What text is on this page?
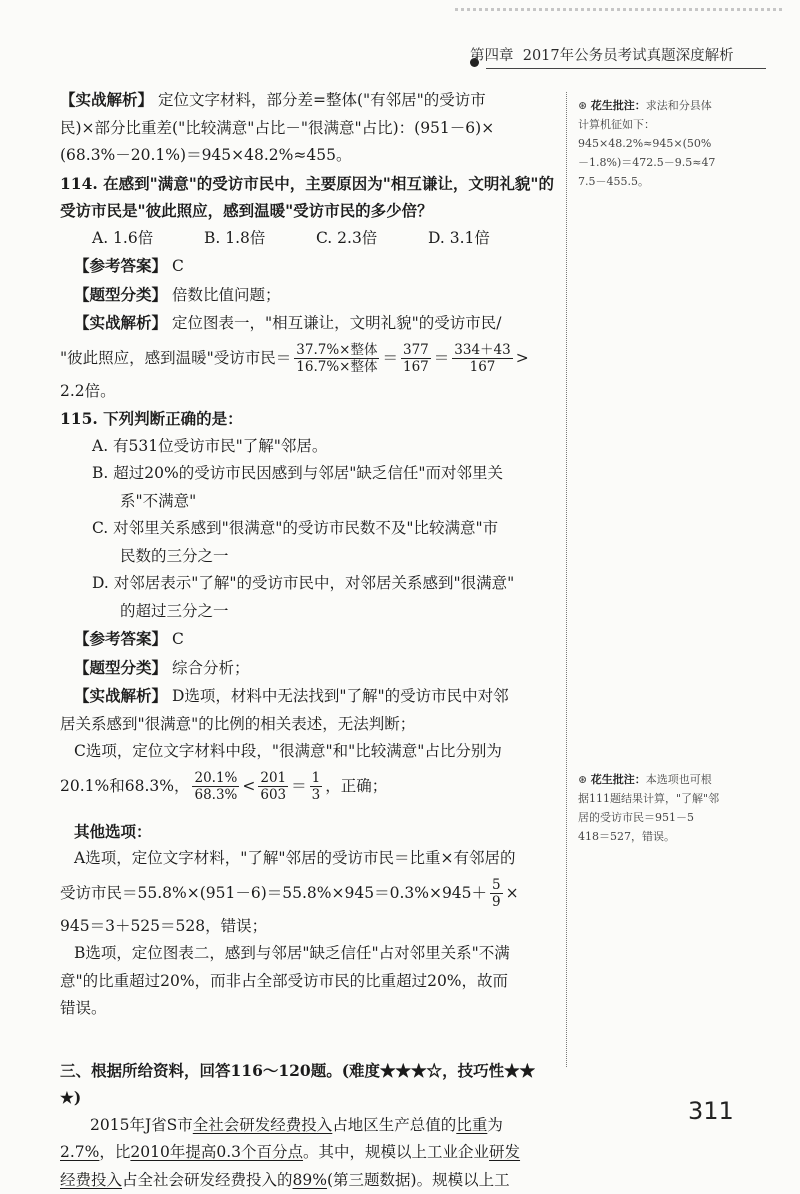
第四章 2017年公务员考试真题深度解析

【实战解析】 定位文字材料，部分差=整体("有邻居"的受访市

民)×部分比重差("比较满意"占比－"很满意"占比)：(951－6)×

(68.3%－20.1%)＝945×48.2%≈455。

114. 在感到"满意"的受访市民中，主要原因为"相互谦让，文明礼貌"的受访市民是"彼此照应，感到温暖"受访市民的多少倍？

A. 1.6倍	B. 1.8倍	C. 2.3倍	D. 3.1倍

【参考答案】 C

【题型分类】 倍数比值问题；

【实战解析】 定位图表一，"相互谦让，文明礼貌"的受访市民/

"彼此照应，感到温暖"受访市民＝ $\frac{\text{37.7\%×整体}}{\text{16.7\%×整体}} = \frac{377}{167} = \frac{334+43}{167}$ >

2.2倍。

115. 下列判断正确的是：

A. 有531位受访市民"了解"邻居。

B. 超过20%的受访市民因感到与邻居"缺乏信任"而对邻里关

系"不满意"

C. 对邻里关系感到"很满意"的受访市民数不及"比较满意"市

民数的三分之一

D. 对邻居表示"了解"的受访市民中，对邻居关系感到"很满意"

的超过三分之一

【参考答案】 C

【题型分类】 综合分析；

【实战解析】 D选项，材料中无法找到"了解"的受访市民中对邻

居关系感到"很满意"的比例的相关表述，无法判断；

C选项，定位文字材料中段，"很满意"和"比较满意"占比分别为

20.1%和68.3%， $\frac{20.1\%}{68.3\%} < \frac{201}{603} = \frac{1}{3}$ ，正确；

其他选项：

A选项，定位文字材料，"了解"邻居的受访市民＝比重×有邻居的

受访市民$=55.8\%\times(951-6)=55.8\%\times 945=0.3\%\times 945+ \frac{5}{9}$ ×

945＝3＋525＝528，错误；

B选项，定位图表二，感到与邻居"缺乏信任"占对邻里关系"不满

意"的比重超过20%，而非占全部受访市民的比重超过20%，故而

错误。

三、根据所给资料，回答116～120题。(难度★★★☆，技巧性★★

★)

2015年J省S市全社会研发经费投入占地区生产总值的比重为

2.7%，比2010年提高0.3个百分点。其中，规模以上工业企业研发

经费投入占全社会研发经费投入的89%(第三题数据)。规模以上工

⊛ 花生批注：求法和分县体

计算机征如下：

945×48.2%≈945×(50%

－1.8%)＝472.5－9.5≈47

7.5－455.5。

⊛ 花生批注：本选项也可根

据111题结果计算，"了解"邻

居的受访市民＝951－5

418＝527，错误。

311
